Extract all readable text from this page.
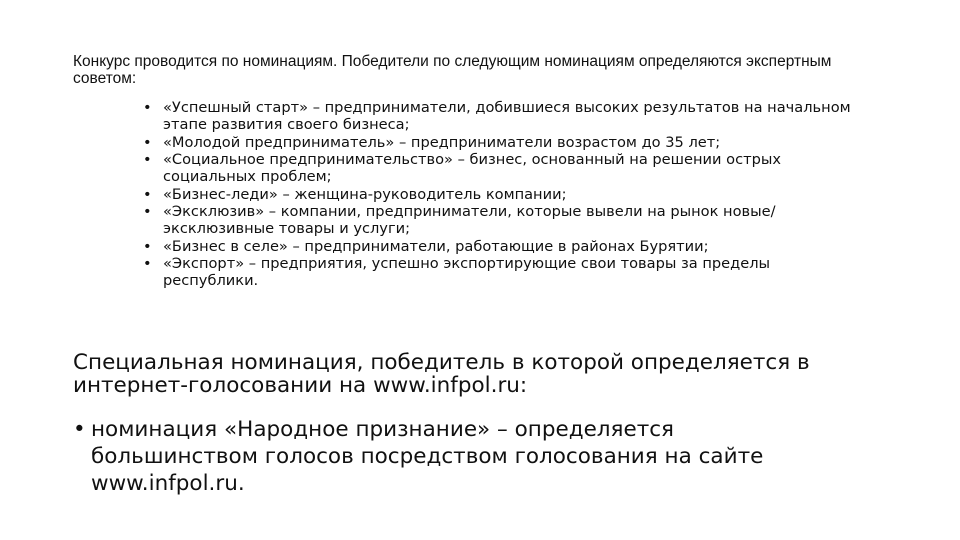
Конкурс проводится по номинациям. Победители по следующим номинациям определяются экспертным советом:

• «Успешный старт» – предприниматели, добившиеся высоких результатов на начальном этапе развития своего бизнеса;
• «Молодой предприниматель» – предприниматели возрастом до 35 лет;
• «Социальное предпринимательство» – бизнес, основанный на решении острых социальных проблем;
• «Бизнес-леди» – женщина-руководитель компании;
• «Эксклюзив» – компании, предприниматели, которые вывели на рынок новые/эксклюзивные товары и услуги;
• «Бизнес в селе» – предприниматели, работающие в районах Бурятии;
• «Экспорт» – предприятия, успешно экспортирующие свои товары за пределы республики.

Специальная номинация, победитель в которой определяется в интернет-голосовании на www.infpol.ru:

• номинация «Народное признание» – определяется большинством голосов посредством голосования на сайте www.infpol.ru.
